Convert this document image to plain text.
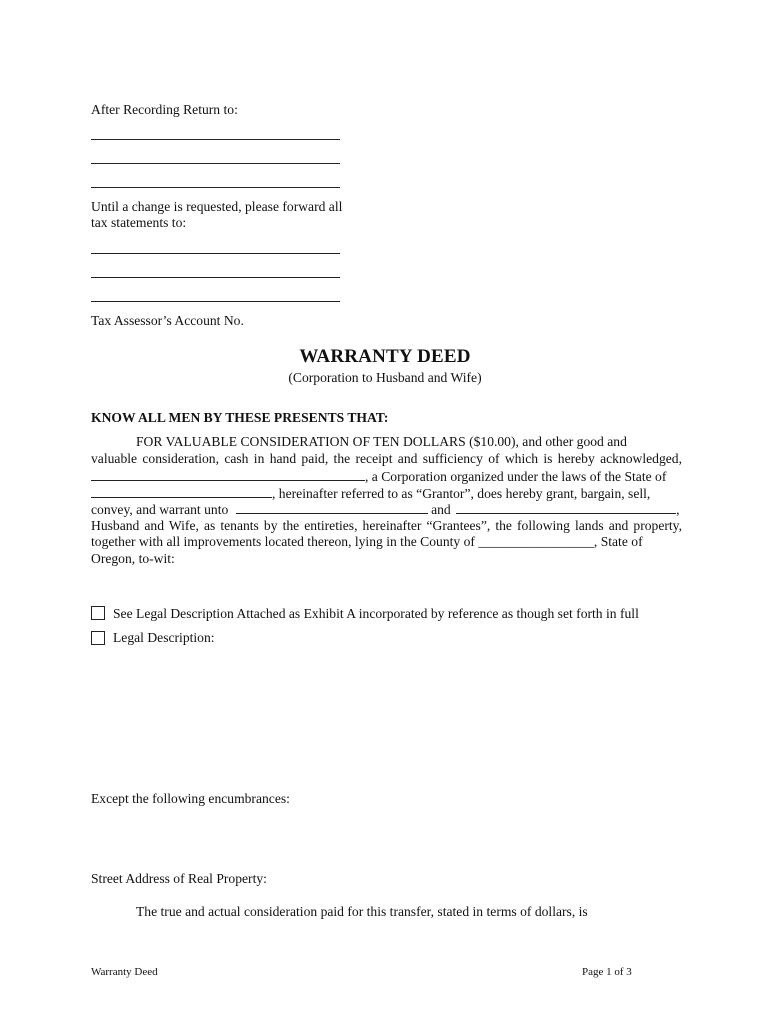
After Recording Return to:
Until a change is requested, please forward all
tax statements to:
Tax Assessor’s Account No.
WARRANTY DEED
(Corporation to Husband and Wife)
KNOW ALL MEN BY THESE PRESENTS THAT:
FOR VALUABLE CONSIDERATION OF TEN DOLLARS ($10.00), and other good and
valuable consideration, cash in hand paid, the receipt and sufficiency of which is hereby acknowledged,
, a Corporation organized under the laws of the State of
, hereinafter referred to as “Grantor”, does hereby grant, bargain, sell,
convey, and warrant unto	and	,
Husband and Wife, as tenants by the entireties, hereinafter “Grantees”, the following lands and property,
together with all improvements located thereon, lying in the County of _________________, State of
Oregon, to-wit:
See Legal Description Attached as Exhibit A incorporated by reference as though set forth in full
Legal Description:
Except the following encumbrances:
Street Address of Real Property:
The true and actual consideration paid for this transfer, stated in terms of dollars, is
Warranty Deed	Page 1 of 3
